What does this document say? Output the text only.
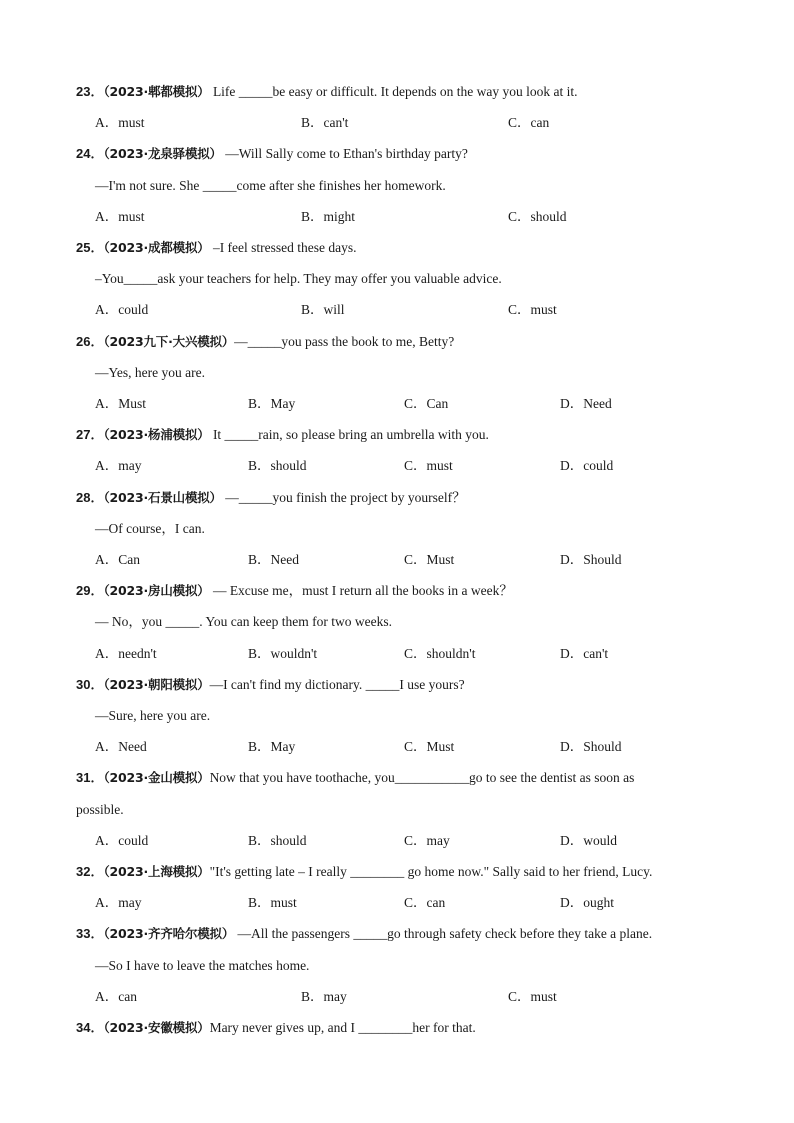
23．（2023·郫都模拟） Life _____be easy or difficult. It depends on the way you look at it.
A．must	B．can't	C．can
24．（2023·龙泉驿模拟） —Will Sally come to Ethan's birthday party?
—I'm not sure. She _____come after she finishes her homework.
A．must	B．might	C．should
25．（2023·成都模拟） –I feel stressed these days.
–You_____ask your teachers for help. They may offer you valuable advice.
A．could	B．will	C．must
26．（2023九下·大兴模拟）—_____you pass the book to me, Betty?
—Yes, here you are.
A．Must	B．May	C．Can	D．Need
27．（2023·杨浦模拟） It _____rain, so please bring an umbrella with you.
A．may	B．should	C．must	D．could
28．（2023·石景山模拟） —_____you finish the project by yourself？
—Of course，I can.
A．Can	B．Need	C．Must	D．Should
29．（2023·房山模拟） — Excuse me，must I return all the books in a week？
— No，you _____. You can keep them for two weeks.
A．needn't	B．wouldn't	C．shouldn't	D．can't
30．（2023·朝阳模拟）—I can't find my dictionary. _____I use yours?
—Sure, here you are.
A．Need	B．May	C．Must	D．Should
31．（2023·金山模拟）Now that you have toothache, you___________go to see the dentist as soon as
possible.
A．could	B．should	C．may	D．would
32．（2023·上海模拟）"It's getting late – I really ________ go home now." Sally said to her friend, Lucy.
A．may	B．must	C．can	D．ought
33．（2023·齐齐哈尔模拟） —All the passengers _____go through safety check before they take a plane.
—So I have to leave the matches home.
A．can	B．may	C．must
34．（2023·安徽模拟）Mary never gives up, and I ________her for that.
